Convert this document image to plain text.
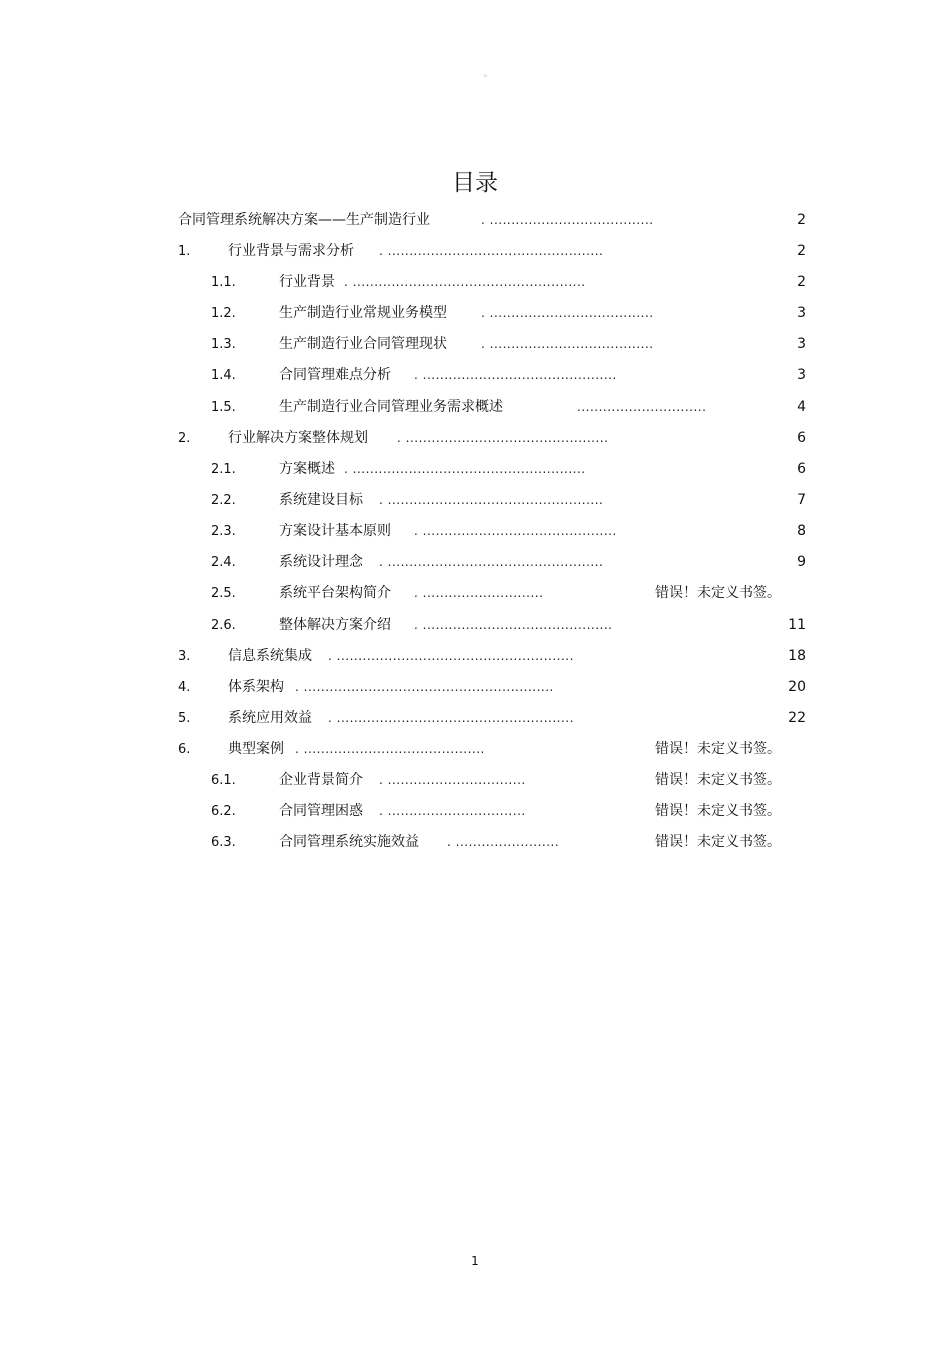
。
目录
合同管理系统解决方案——生产制造行业	. ......................................	2
1.	行业背景与需求分析 . ..................................................	2
1.1.	行业背景 . ......................................................	2
1.2.	生产制造行业常规业务模型	. ......................................	3
1.3.	生产制造行业合同管理现状	. ......................................	3
1.4.	合同管理难点分析 . .............................................	3
1.5.	生产制造行业合同管理业务需求概述	..............................	4
2.	行业解决方案整体规划 . ...............................................	6
2.1.	方案概述 . ......................................................	6
2.2.	系统建设目标 . ..................................................	7
2.3.	方案设计基本原则 . .............................................	8
2.4.	系统设计理念 . ..................................................	9
2.5.	系统平台架构简介 . ............................	错误！未定义书签。
2.6.	整体解决方案介绍 . ............................................	11
3.	信息系统集成 . .......................................................	18
4.	体系架构 . ..........................................................	20
5.	系统应用效益 . .......................................................	22
6.	典型案例 . ..........................................	错误！未定义书签。
6.1.	企业背景简介 . ................................	错误！未定义书签。
6.2.	合同管理困惑 . ................................	错误！未定义书签。
6.3.	合同管理系统实施效益 . ........................	错误！未定义书签。
1
